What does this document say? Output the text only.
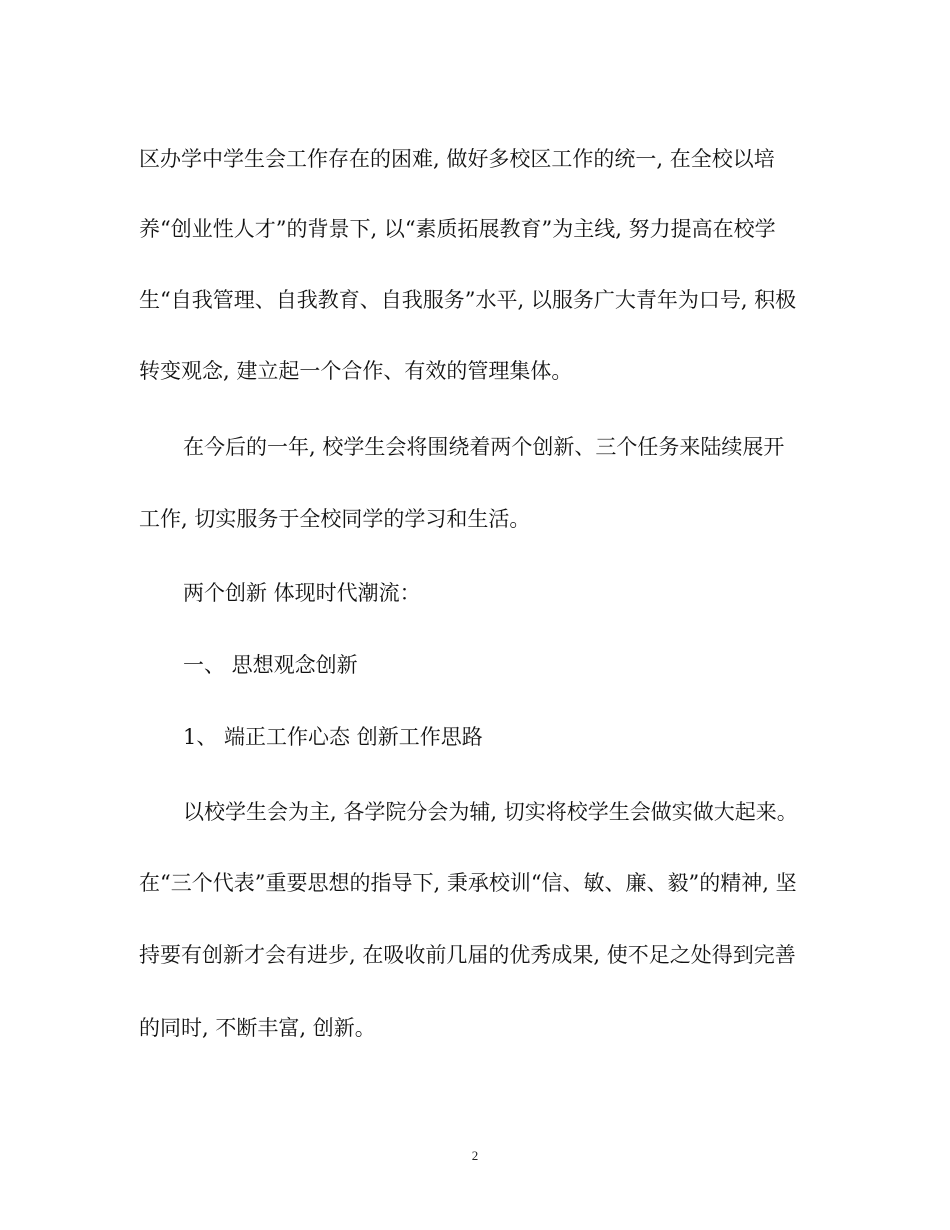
区办学中学生会工作存在的困难, 做好多校区工作的统一, 在全校以培
养“创业性人才”的背景下, 以“素质拓展教育”为主线, 努力提高在校学
生“自我管理、自我教育、自我服务”水平, 以服务广大青年为口号, 积极
转变观念, 建立起一个合作、有效的管理集体。
在今后的一年, 校学生会将围绕着两个创新、三个任务来陆续展开
工作, 切实服务于全校同学的学习和生活。
两个创新 体现时代潮流：
一、 思想观念创新
1、 端正工作心态 创新工作思路
以校学生会为主, 各学院分会为辅, 切实将校学生会做实做大起来。
在“三个代表”重要思想的指导下, 秉承校训“信、敏、廉、毅”的精神, 坚
持要有创新才会有进步, 在吸收前几届的优秀成果, 使不足之处得到完善
的同时, 不断丰富, 创新。
2
